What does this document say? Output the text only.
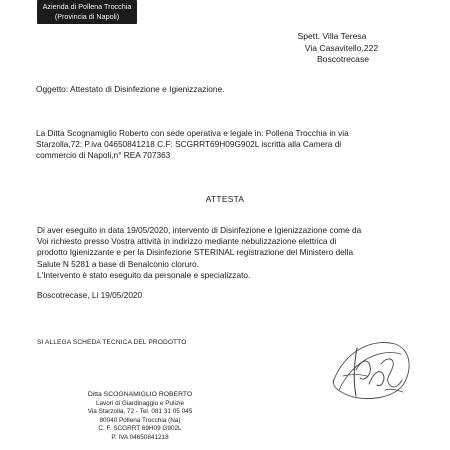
Azienda di Pollena Trocchia
(Provincia di Napoli)
Spett. Villa Teresa
Via Casavitello,222
Boscotrecase
Oggetto: Attestato di Disinfezione e Igienizzazione.
La Ditta Scognamiglio Roberto con sede operativa e legale in: Pollena Trocchia in via
Starzolla,72: P.iva 04650841218 C.F: SCGRRT69H09G902L iscritta alla Camera di
commercio di Napoli,n° REA 707363
ATTESTA
Di aver eseguito in data 19/05/2020, intervento di Disinfezione e Igienizzazione come da
Voi richiesto presso Vostra attività in indirizzo mediante nebulizzazione elettrica di
prodotto Igienizzante e per la Disinfezione STERINAL registrazione del Ministero della
Salute N 5281 a base di Benalconio cloruro.
L'Intervento è stato eseguito da personale e specializzato.
Boscotrecase, Li 19/05/2020
SI ALLEGA SCHEDA TECNICA DEL PRODOTTO
Ditta SCOGNAMIGLIO ROBERTO
Lavori di Giardinaggio e Pulizie
Via Starzolla, 72 - Tel. 081 31 05 045
80040 Pollena Trocchia (Na)
C. F. SCGRRT 69H09 G902L
P. IVA 04650841218
